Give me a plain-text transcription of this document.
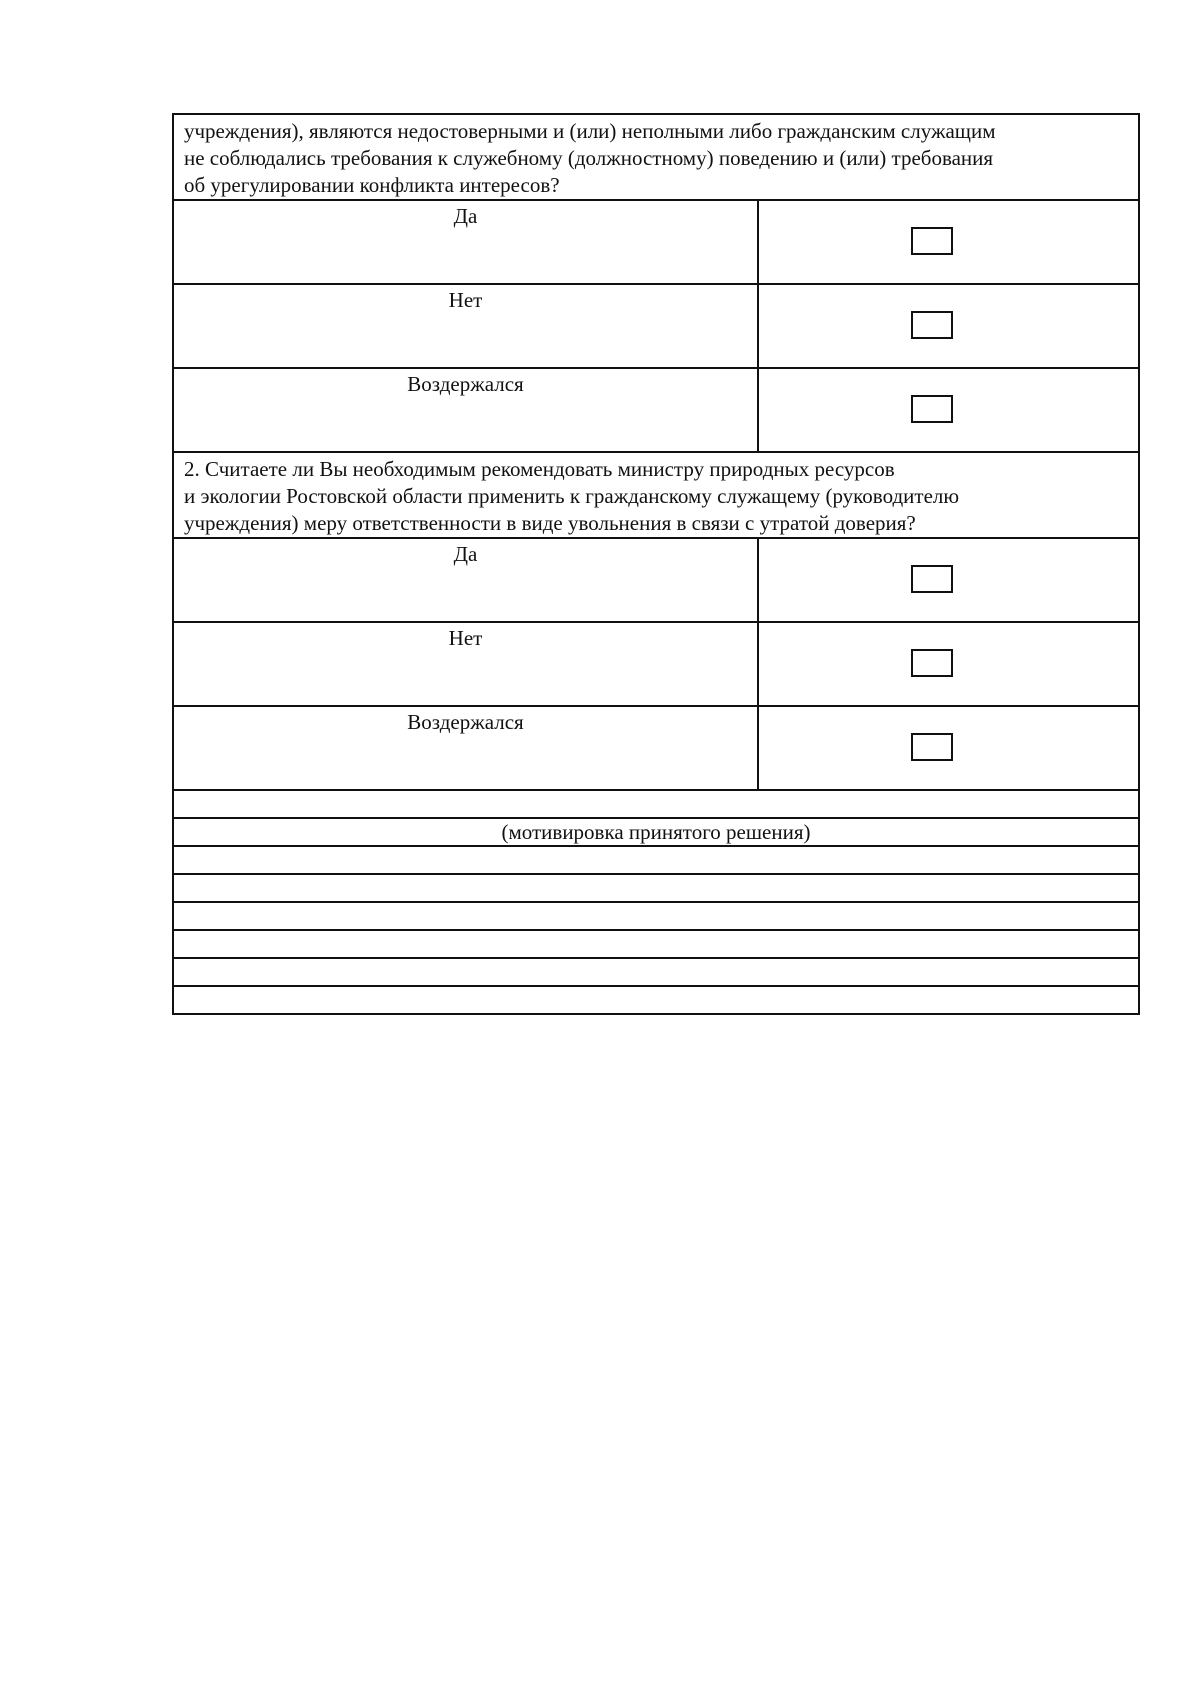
учреждения), являются недостоверными и (или) неполными либо гражданским служащим
не соблюдались требования к служебному (должностному) поведению и (или) требования
об урегулировании конфликта интересов?
Да
Нет
Воздержался
2. Считаете ли Вы необходимым рекомендовать министру природных ресурсов
и экологии Ростовской области применить к гражданскому служащему (руководителю
учреждения) меру ответственности в виде увольнения в связи с утратой доверия?
Да
Нет
Воздержался
(мотивировка принятого решения)
